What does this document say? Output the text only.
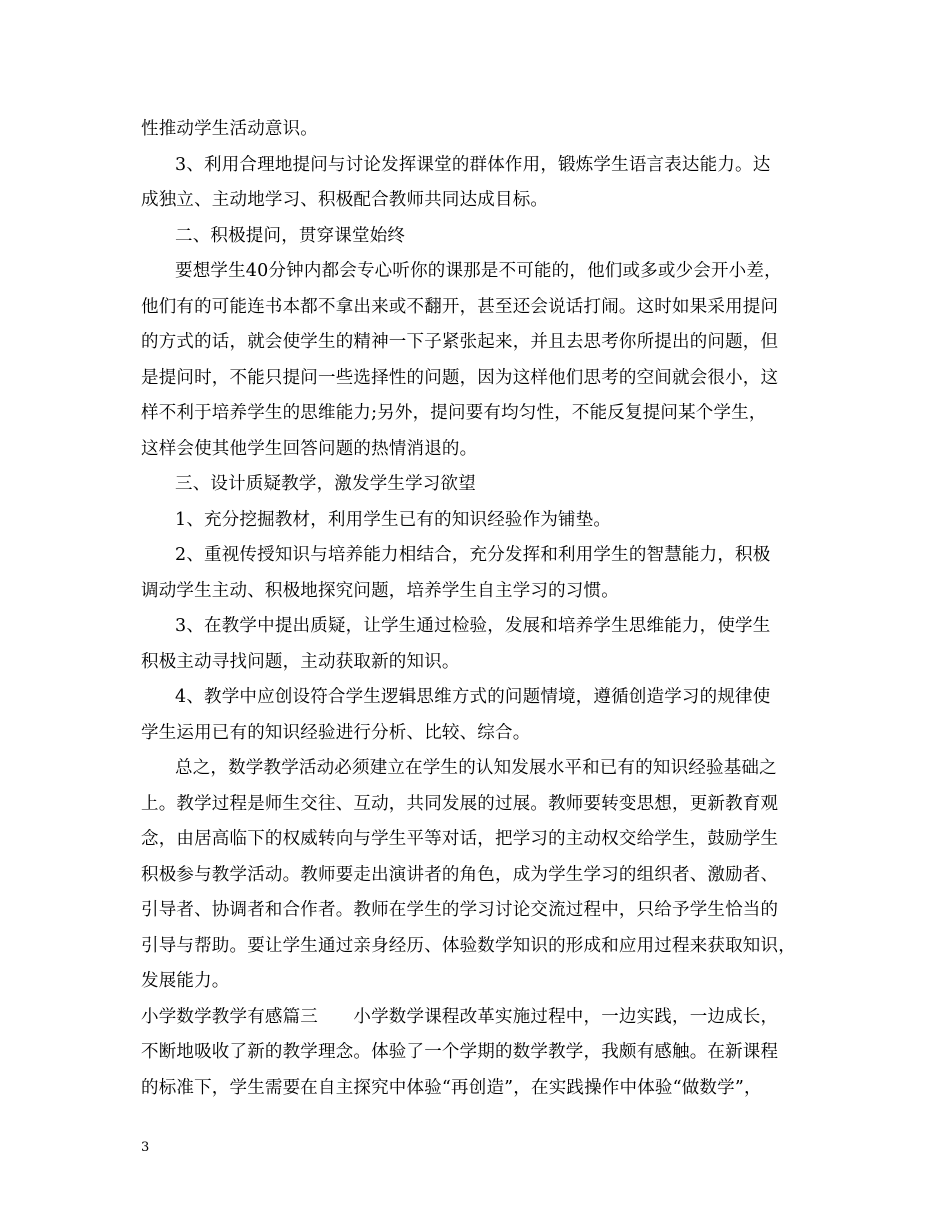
性推动学生活动意识。
3、利用合理地提问与讨论发挥课堂的群体作用，锻炼学生语言表达能力。达
成独立、主动地学习、积极配合教师共同达成目标。
二、积极提问，贯穿课堂始终
要想学生40分钟内都会专心听你的课那是不可能的，他们或多或少会开小差，
他们有的可能连书本都不拿出来或不翻开，甚至还会说话打闹。这时如果采用提问
的方式的话，就会使学生的精神一下子紧张起来，并且去思考你所提出的问题，但
是提问时，不能只提问一些选择性的问题，因为这样他们思考的空间就会很小，这
样不利于培养学生的思维能力;另外，提问要有均匀性，不能反复提问某个学生，
这样会使其他学生回答问题的热情消退的。
三、设计质疑教学，激发学生学习欲望
1、充分挖掘教材，利用学生已有的知识经验作为铺垫。
2、重视传授知识与培养能力相结合，充分发挥和利用学生的智慧能力，积极
调动学生主动、积极地探究问题，培养学生自主学习的习惯。
3、在教学中提出质疑，让学生通过检验，发展和培养学生思维能力，使学生
积极主动寻找问题，主动获取新的知识。
4、教学中应创设符合学生逻辑思维方式的问题情境，遵循创造学习的规律使
学生运用已有的知识经验进行分析、比较、综合。
总之，数学教学活动必须建立在学生的认知发展水平和已有的知识经验基础之
上。教学过程是师生交往、互动，共同发展的过展。教师要转变思想，更新教育观
念，由居高临下的权威转向与学生平等对话，把学习的主动权交给学生，鼓励学生
积极参与教学活动。教师要走出演讲者的角色，成为学生学习的组织者、激励者、
引导者、协调者和合作者。教师在学生的学习讨论交流过程中，只给予学生恰当的
引导与帮助。要让学生通过亲身经历、体验数学知识的形成和应用过程来获取知识，
发展能力。
小学数学教学有感篇三　　小学数学课程改革实施过程中，一边实践，一边成长，
不断地吸收了新的教学理念。体验了一个学期的数学教学，我颇有感触。在新课程
的标准下，学生需要在自主探究中体验“再创造”，在实践操作中体验“做数学”，
3
